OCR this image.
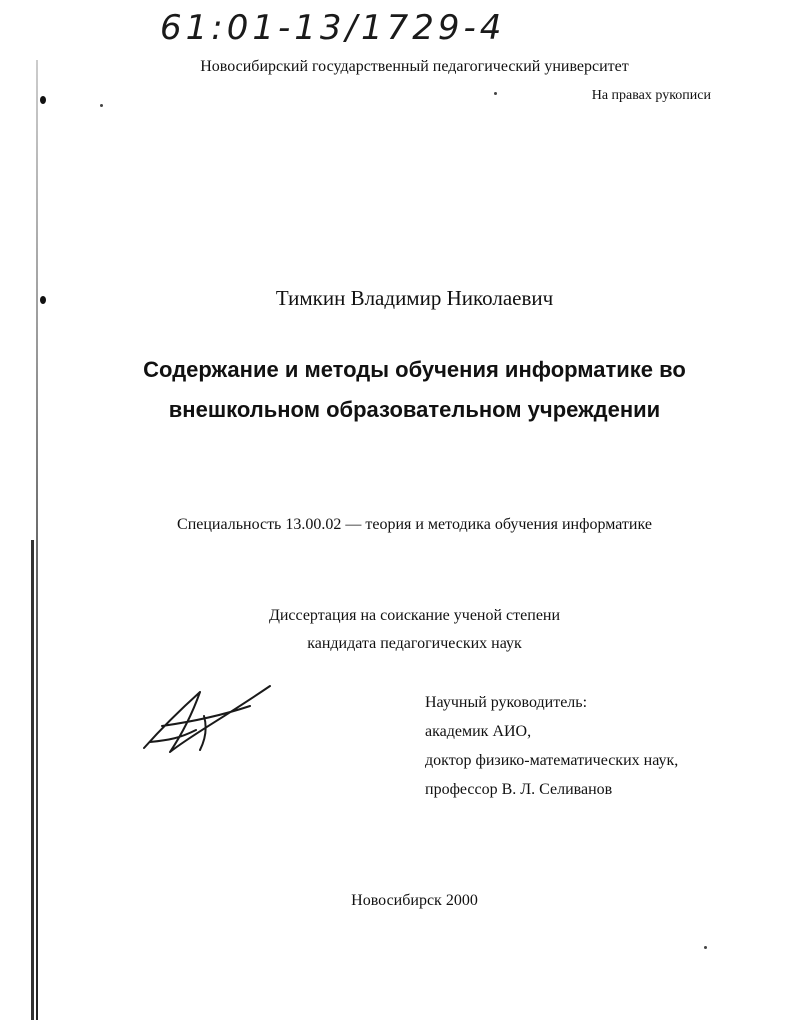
61:01-13/1729-4
Новосибирский государственный педагогический университет
На правах рукописи
Тимкин Владимир Николаевич
Содержание и методы обучения информатике во
внешкольном образовательном учреждении
Специальность 13.00.02 — теория и методика обучения информатике
Диссертация на соискание ученой степени
кандидата педагогических наук
Научный руководитель:
академик АИО,
доктор физико-математических наук,
профессор В. Л. Селиванов
Новосибирск 2000
